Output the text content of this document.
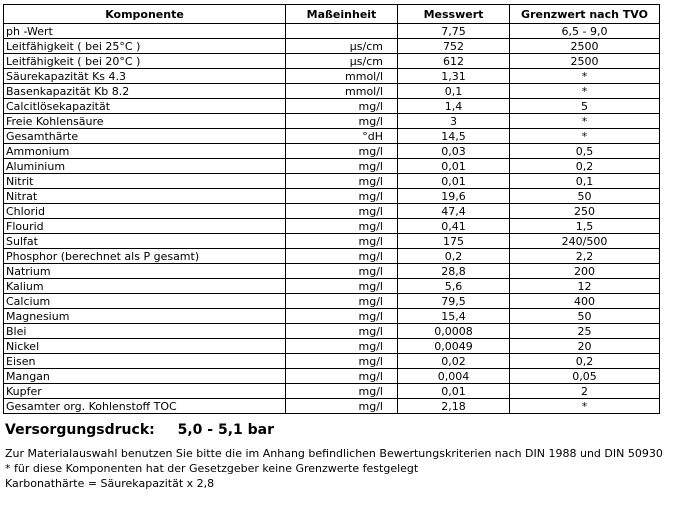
Komponente	Maßeinheit	Messwert	Grenzwert nach TVO
ph -Wert		7,75	6,5 - 9,0
Leitfähigkeit ( bei 25°C )	µs/cm	752	2500
Leitfähigkeit ( bei 20°C )	µs/cm	612	2500
Säurekapazität Ks 4.3	mmol/l	1,31	*
Basenkapazität Kb 8.2	mmol/l	0,1	*
Calcitlösekapazität	mg/l	1,4	5
Freie Kohlensäure	mg/l	3	*
Gesamthärte	°dH	14,5	*
Ammonium	mg/l	0,03	0,5
Aluminium	mg/l	0,01	0,2
Nitrit	mg/l	0,01	0,1
Nitrat	mg/l	19,6	50
Chlorid	mg/l	47,4	250
Flourid	mg/l	0,41	1,5
Sulfat	mg/l	175	240/500
Phosphor (berechnet als P gesamt)	mg/l	0,2	2,2
Natrium	mg/l	28,8	200
Kalium	mg/l	5,6	12
Calcium	mg/l	79,5	400
Magnesium	mg/l	15,4	50
Blei	mg/l	0,0008	25
Nickel	mg/l	0,0049	20
Eisen	mg/l	0,02	0,2
Mangan	mg/l	0,004	0,05
Kupfer	mg/l	0,01	2
Gesamter org. Kohlenstoff TOC	mg/l	2,18	*
Versorgungsdruck: 5,0 - 5,1 bar
Zur Materialauswahl benutzen Sie bitte die im Anhang befindlichen Bewertungskriterien nach DIN 1988 und DIN 50930
* für diese Komponenten hat der Gesetzgeber keine Grenzwerte festgelegt
Karbonathärte = Säurekapazität x 2,8
